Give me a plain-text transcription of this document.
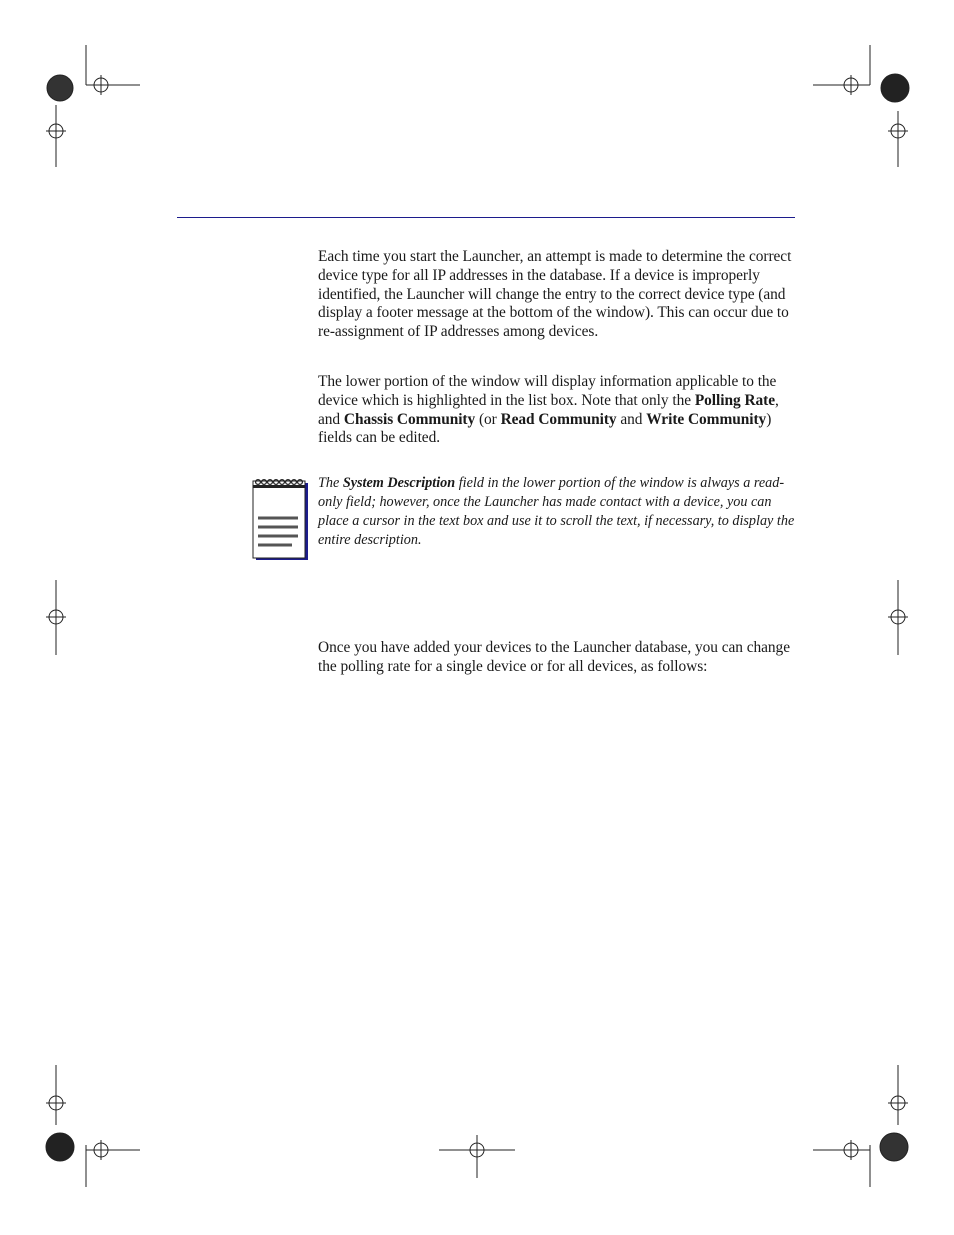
Each time you start the Launcher, an attempt is made to determine the correct device type for all IP addresses in the database. If a device is improperly identified, the Launcher will change the entry to the correct device type (and display a footer message at the bottom of the window). This can occur due to re-assignment of IP addresses among devices.

The lower portion of the window will display information applicable to the device which is highlighted in the list box. Note that only the Polling Rate, and Chassis Community (or Read Community and Write Community) fields can be edited.

The System Description field in the lower portion of the window is always a read-only field; however, once the Launcher has made contact with a device, you can place a cursor in the text box and use it to scroll the text, if necessary, to display the entire description.

Once you have added your devices to the Launcher database, you can change the polling rate for a single device or for all devices, as follows:
